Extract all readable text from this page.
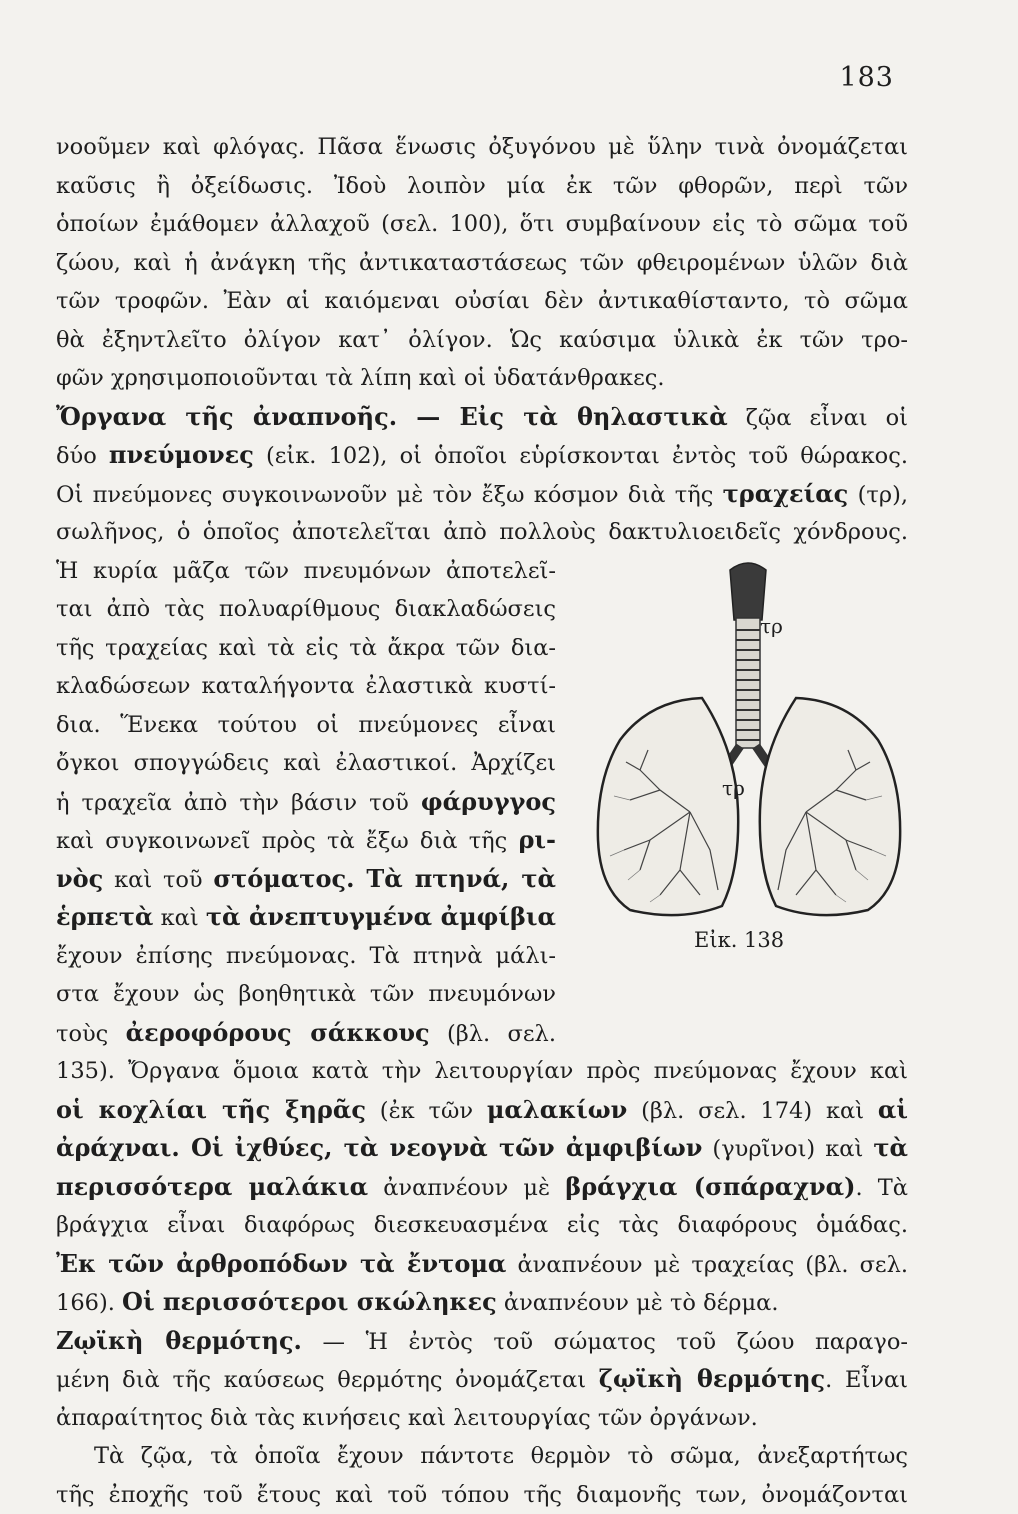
183
νοοῦμεν καὶ φλόγας. Πᾶσα ἕνωσις ὀξυγόνου μὲ ὕλην τινὰ ὀνομάζεται
καῦσις ἢ ὀξείδωσις. Ἰδοὺ λοιπὸν μία ἐκ τῶν φθορῶν, περὶ τῶν
ὁποίων ἐμάθομεν ἀλλαχοῦ (σελ. 100), ὅτι συμβαίνουν εἰς τὸ σῶμα τοῦ
ζώου, καὶ ἡ ἀνάγκη τῆς ἀντικαταστάσεως τῶν φθειρομένων ὑλῶν διὰ
τῶν τροφῶν. Ἐὰν αἱ καιόμεναι οὐσίαι δὲν ἀντικαθίσταντο, τὸ σῶμα
θὰ ἐξηντλεῖτο ὀλίγον κατ᾽ ὀλίγον. Ὡς καύσιμα ὑλικὰ ἐκ τῶν τρο-
φῶν χρησιμοποιοῦνται τὰ λίπη καὶ οἱ ὑδατάνθρακες.
Ὄργανα τῆς ἀναπνοῆς. — Εἰς τὰ θηλαστικὰ ζῷα εἶναι οἱ
δύο πνεύμονες (εἰκ. 102), οἱ ὁποῖοι εὑρίσκονται ἐντὸς τοῦ θώρακος.
Οἱ πνεύμονες συγκοινωνοῦν μὲ τὸν ἔξω κόσμον διὰ τῆς τραχείας (τρ),
σωλῆνος, ὁ ὁποῖος ἀποτελεῖται ἀπὸ πολλοὺς δακτυλιοειδεῖς χόνδρους.
Ἡ κυρία μᾶζα τῶν πνευμόνων ἀποτελεῖ-
ται ἀπὸ τὰς πολυαρίθμους διακλαδώσεις
τῆς τραχείας καὶ τὰ εἰς τὰ ἄκρα τῶν δια-
κλαδώσεων καταλήγοντα ἐλαστικὰ κυστί-
δια. Ἕνεκα τούτου οἱ πνεύμονες εἶναι
ὄγκοι σπογγώδεις καὶ ἐλαστικοί. Ἀρχίζει
ἡ τραχεῖα ἀπὸ τὴν βάσιν τοῦ φάρυγγος
καὶ συγκοινωνεῖ πρὸς τὰ ἔξω διὰ τῆς ρι-
νὸς καὶ τοῦ στόματος. Τὰ πτηνά, τὰ
ἑρπετὰ καὶ τὰ ἀνεπτυγμένα ἀμφίβια
ἔχουν ἐπίσης πνεύμονας. Τὰ πτηνὰ μάλι-
στα ἔχουν ὡς βοηθητικὰ τῶν πνευμόνων
τοὺς ἀεροφόρους σάκκους (βλ. σελ.
135). Ὄργανα ὅμοια κατὰ τὴν λειτουργίαν πρὸς πνεύμονας ἔχουν καὶ
οἱ κοχλίαι τῆς ξηρᾶς (ἐκ τῶν μαλακίων (βλ. σελ. 174) καὶ αἱ
ἀράχναι. Οἱ ἰχθύες, τὰ νεογνὰ τῶν ἀμφιβίων (γυρῖνοι) καὶ τὰ
περισσότερα μαλάκια ἀναπνέουν μὲ βράγχια (σπάραχνα). Τὰ
βράγχια εἶναι διαφόρως διεσκευασμένα εἰς τὰς διαφόρους ὁμάδας.
Ἐκ τῶν ἀρθροπόδων τὰ ἔντομα ἀναπνέουν μὲ τραχείας (βλ. σελ.
166). Οἱ περισσότεροι σκώληκες ἀναπνέουν μὲ τὸ δέρμα.
Ζῳϊκὴ θερμότης. — Ἡ ἐντὸς τοῦ σώματος τοῦ ζώου παραγο-
μένη διὰ τῆς καύσεως θερμότης ὀνομάζεται ζῳϊκὴ θερμότης. Εἶναι
ἀπαραίτητος διὰ τὰς κινήσεις καὶ λειτουργίας τῶν ὀργάνων.
Τὰ ζῷα, τὰ ὁποῖα ἔχουν πάντοτε θερμὸν τὸ σῶμα, ἀνεξαρτήτως
τῆς ἐποχῆς τοῦ ἔτους καὶ τοῦ τόπου τῆς διαμονῆς των, ὀνομάζονται
τρ
τρ
Εἰκ. 138
